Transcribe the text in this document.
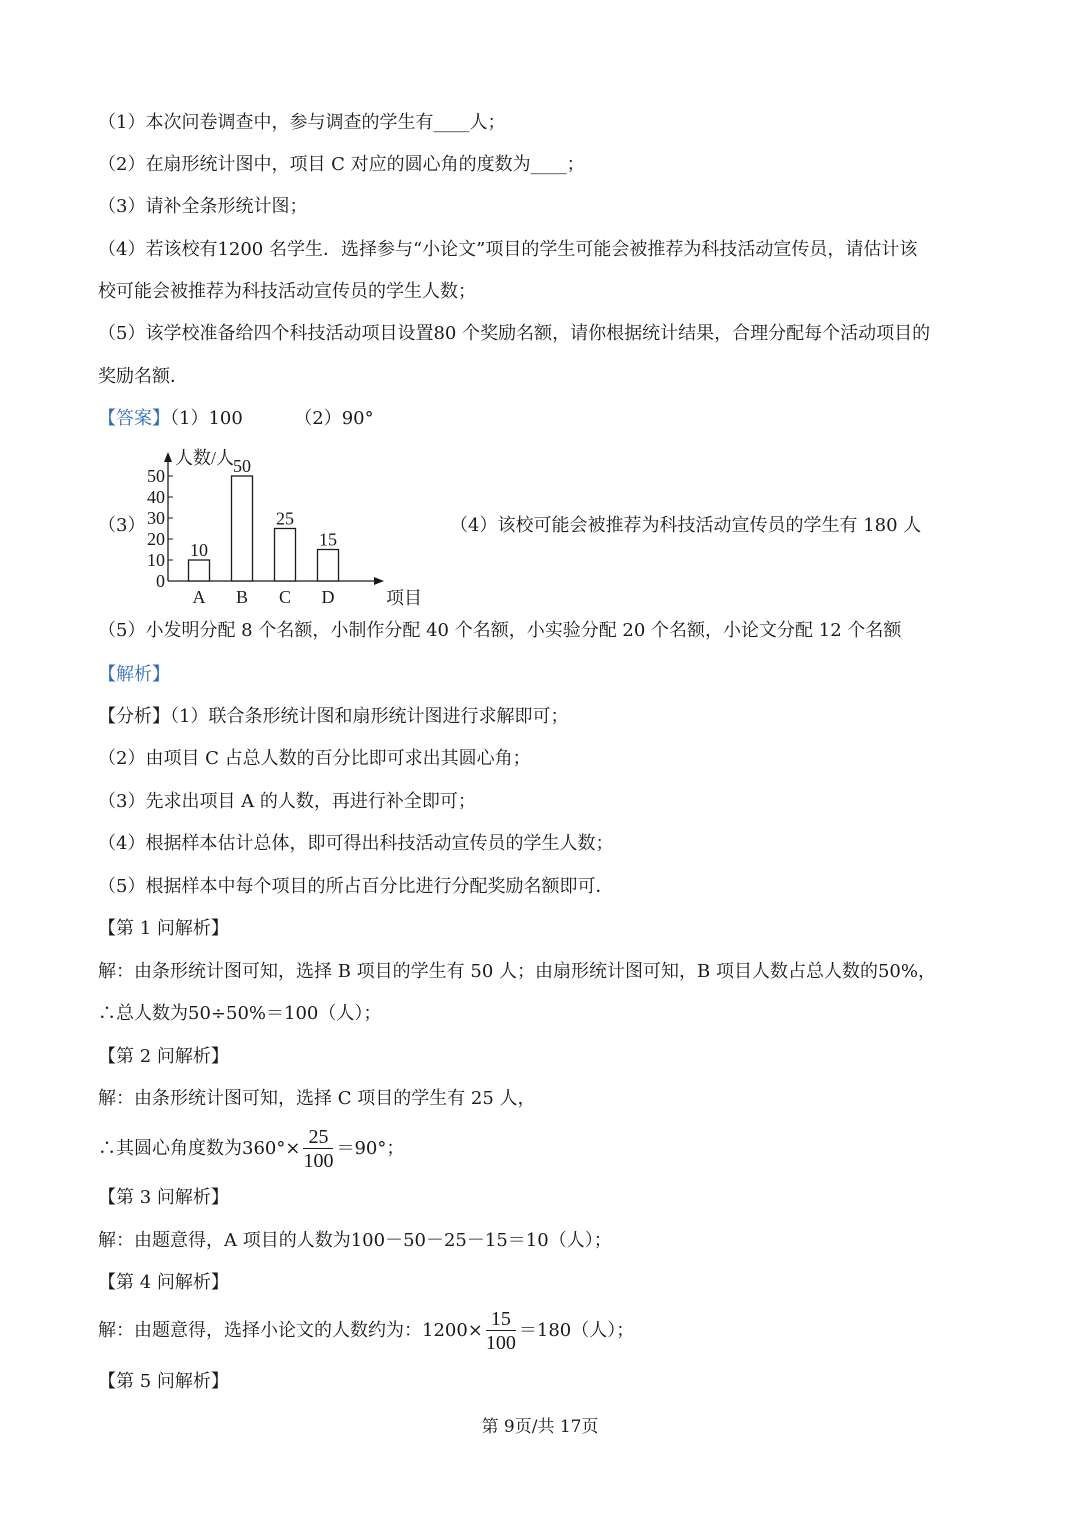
（1）本次问卷调查中，参与调查的学生有____人；
（2）在扇形统计图中，项目 C 对应的圆心角的度数为____；
（3）请补全条形统计图；
（4）若该校有1200 名学生．选择参与“小论文”项目的学生可能会被推荐为科技活动宣传员，请估计该
校可能会被推荐为科技活动宣传员的学生人数；
（5）该学校准备给四个科技活动项目设置80 个奖励名额，请你根据统计结果，合理分配每个活动项目的
奖励名额．
【答案】（1）100	（2）90°
（3）
人数/人
项目
0
10
20
30
40
50
10
A
50
B
25
C
15
D
（4）该校可能会被推荐为科技活动宣传员的学生有 180 人
（5）小发明分配 8 个名额，小制作分配 40 个名额，小实验分配 20 个名额，小论文分配 12 个名额
【解析】
【分析】（1）联合条形统计图和扇形统计图进行求解即可；
（2）由项目 C 占总人数的百分比即可求出其圆心角；
（3）先求出项目 A 的人数，再进行补全即可；
（4）根据样本估计总体，即可得出科技活动宣传员的学生人数；
（5）根据样本中每个项目的所占百分比进行分配奖励名额即可．
【第 1 问解析】
解：由条形统计图可知，选择 B 项目的学生有 50 人；由扇形统计图可知，B 项目人数占总人数的50%，
∴总人数为50÷50%＝100（人）；
【第 2 问解析】
解：由条形统计图可知，选择 C 项目的学生有 25 人，
∴其圆心角度数为$360^\circ\times \frac{25}{100} =90^\circ$；
【第 3 问解析】
解：由题意得，A 项目的人数为100－50－25－15＝10（人）；
【第 4 问解析】
解：由题意得，选择小论文的人数约为：$1200\times \frac{15}{100} =180$（人）；
【第 5 问解析】
第 9页/共 17页
